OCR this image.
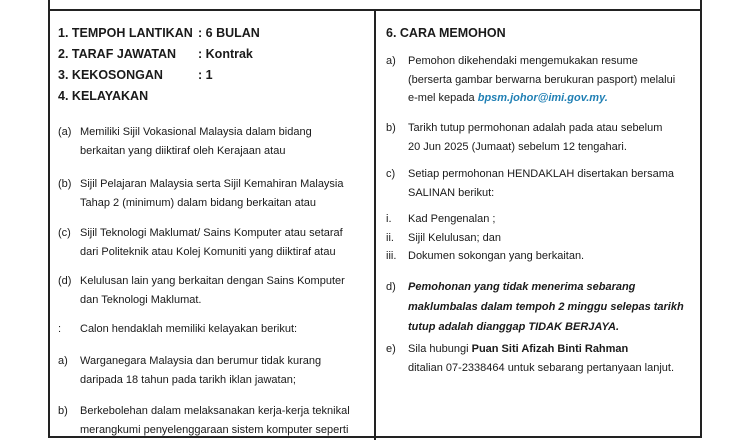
1. TEMPOH LANTIKAN : 6 BULAN
2. TARAF JAWATAN : Kontrak
3. KEKOSONGAN	: 1
4. KELAYAKAN
(a) Memiliki Sijil Vokasional Malaysia dalam bidang
berkaitan yang diiktiraf oleh Kerajaan atau
(b) Sijil Pelajaran Malaysia serta Sijil Kemahiran Malaysia
Tahap 2 (minimum) dalam bidang berkaitan atau
(c) Sijil Teknologi Maklumat/ Sains Komputer atau setaraf
dari Politeknik atau Kolej Komuniti yang diiktiraf atau
(d) Kelulusan lain yang berkaitan dengan Sains Komputer
dan Teknologi Maklumat.
: Calon hendaklah memiliki kelayakan berikut:
a) Warganegara Malaysia dan berumur tidak kurang
daripada 18 tahun pada tarikh iklan jawatan;
b) Berkebolehan dalam melaksanakan kerja-kerja teknikal
merangkumi penyelenggaraan sistem komputer seperti
6. CARA MEMOHON
a) Pemohon dikehendaki mengemukakan resume
(berserta gambar berwarna berukuran pasport) melalui
e-mel kepada bpsm.johor@imi.gov.my.
b) Tarikh tutup permohonan adalah pada atau sebelum
20 Jun 2025 (Jumaat) sebelum 12 tengahari.
c) Setiap permohonan HENDAKLAH disertakan bersama
SALINAN berikut:
i. Kad Pengenalan ;
ii. Sijil Kelulusan; dan
iii. Dokumen sokongan yang berkaitan.
d) Pemohonan yang tidak menerima sebarang
maklumbalas dalam tempoh 2 minggu selepas tarikh
tutup adalah dianggap TIDAK BERJAYA.
e) Sila hubungi Puan Siti Afizah Binti Rahman
ditalian 07-2338464 untuk sebarang pertanyaan lanjut.
